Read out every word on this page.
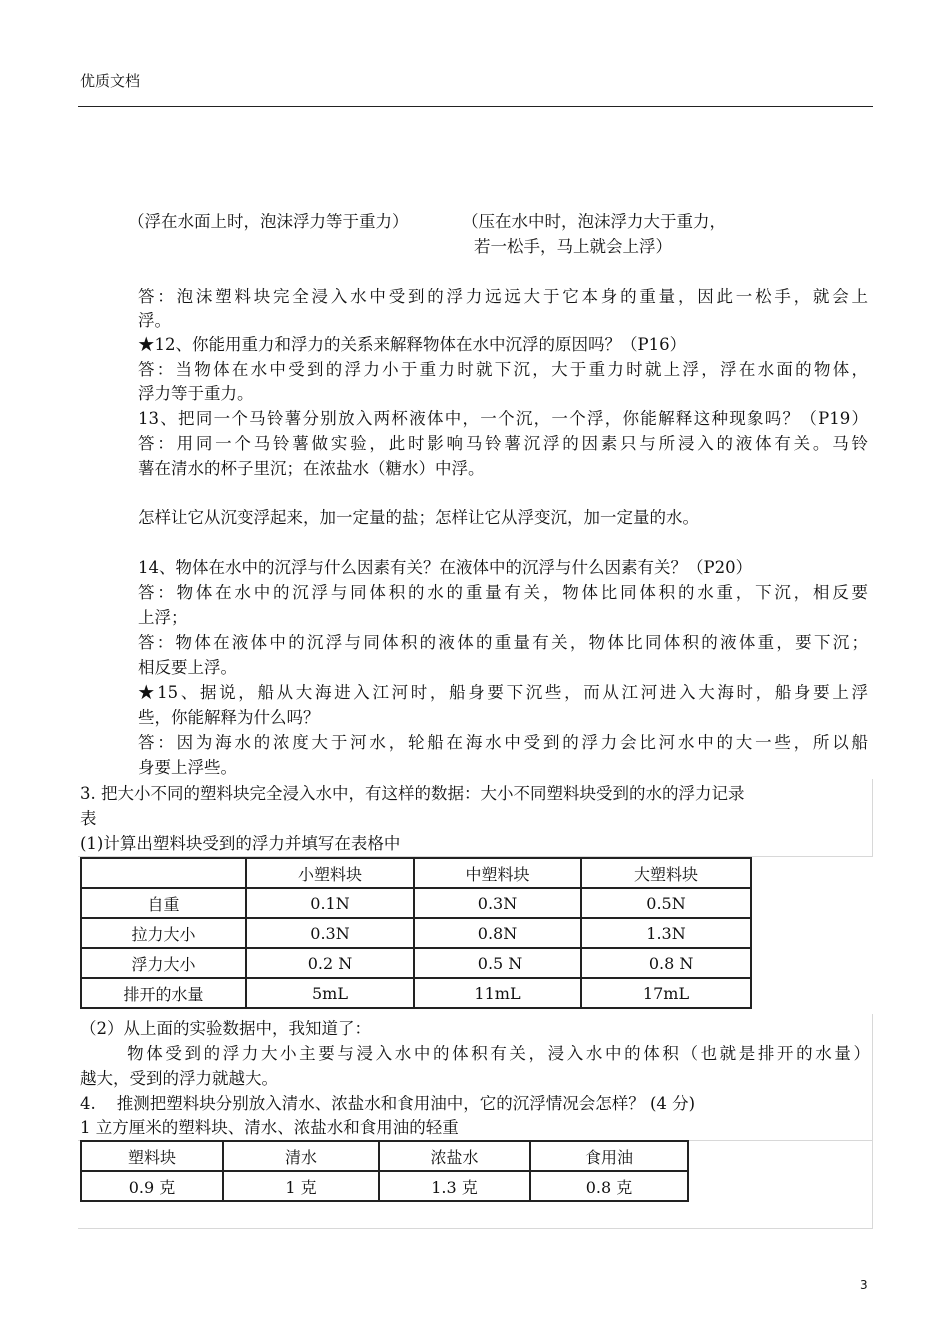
优质文档
（浮在水面上时，泡沫浮力等于重力）	（压在水中时，泡沫浮力大于重力，
若一松手，马上就会上浮）
答：泡沫塑料块完全浸入水中受到的浮力远远大于它本身的重量，因此一松手，就会上
浮。
★12、你能用重力和浮力的关系来解释物体在水中沉浮的原因吗？（P16）
答：当物体在水中受到的浮力小于重力时就下沉，大于重力时就上浮，浮在水面的物体，
浮力等于重力。
13、把同一个马铃薯分别放入两杯液体中，一个沉，一个浮，你能解释这种现象吗？（P19）
答：用同一个马铃薯做实验，此时影响马铃薯沉浮的因素只与所浸入的液体有关。马铃
薯在清水的杯子里沉；在浓盐水（糖水）中浮。
怎样让它从沉变浮起来，加一定量的盐；怎样让它从浮变沉，加一定量的水。
14、物体在水中的沉浮与什么因素有关？在液体中的沉浮与什么因素有关？（P20）
答：物体在水中的沉浮与同体积的水的重量有关，物体比同体积的水重，下沉，相反要
上浮；
答：物体在液体中的沉浮与同体积的液体的重量有关，物体比同体积的液体重，要下沉；
相反要上浮。
★15、据说，船从大海进入江河时，船身要下沉些，而从江河进入大海时，船身要上浮
些，你能解释为什么吗？
答：因为海水的浓度大于河水，轮船在海水中受到的浮力会比河水中的大一些，所以船
身要上浮些。
3. 把大小不同的塑料块完全浸入水中，有这样的数据：大小不同塑料块受到的水的浮力记录
表
(1)计算出塑料块受到的浮力并填写在表格中
	小塑料块	中塑料块	大塑料块
自重	0.1N	0.3N	0.5N
拉力大小	0.3N	0.8N	1.3N
浮力大小	0.2 N	0.5 N	0.8 N
排开的水量	5mL	11mL	17mL
（2）从上面的实验数据中，我知道了：
物体受到的浮力大小主要与浸入水中的体积有关，浸入水中的体积（也就是排开的水量）
越大，受到的浮力就越大。
4.    推测把塑料块分别放入清水、浓盐水和食用油中，它的沉浮情况会怎样？ (4 分)
1 立方厘米的塑料块、清水、浓盐水和食用油的轻重
塑料块	清水	浓盐水	食用油
0.9 克	1 克	1.3 克	0.8 克
3
